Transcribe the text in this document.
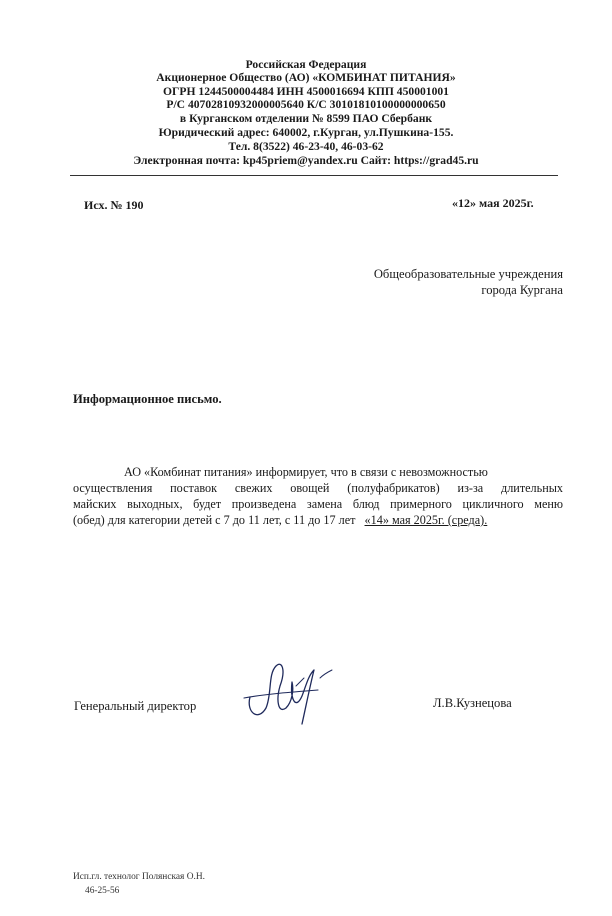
Российская Федерация
Акционерное Общество (АО) «КОМБИНАТ ПИТАНИЯ»
ОГРН 1244500004484 ИНН 4500016694 КПП 450001001
Р/С 40702810932000005640 К/С 30101810100000000650
в Курганском отделении № 8599 ПАО Сбербанк
Юридический адрес: 640002, г.Курган, ул.Пушкина-155.
Тел. 8(3522) 46-23-40, 46-03-62
Электронная почта: kp45priem@yandex.ru Сайт: https://grad45.ru
Исх. № 190	«12» мая 2025г.
Общеобразовательные учреждения
города Кургана
Информационное письмо.
АО «Комбинат питания» информирует, что в связи с невозможностью
осуществления поставок свежих овощей (полуфабрикатов) из-за длительных
майских выходных, будет произведена замена блюд примерного цикличного меню
(обед) для категории детей с 7 до 11 лет, с 11 до 17 лет «14» мая 2025г. (среда).
Генеральный директор	Л.В.Кузнецова
Исп.гл. технолог Полянская О.Н.
46-25-56
